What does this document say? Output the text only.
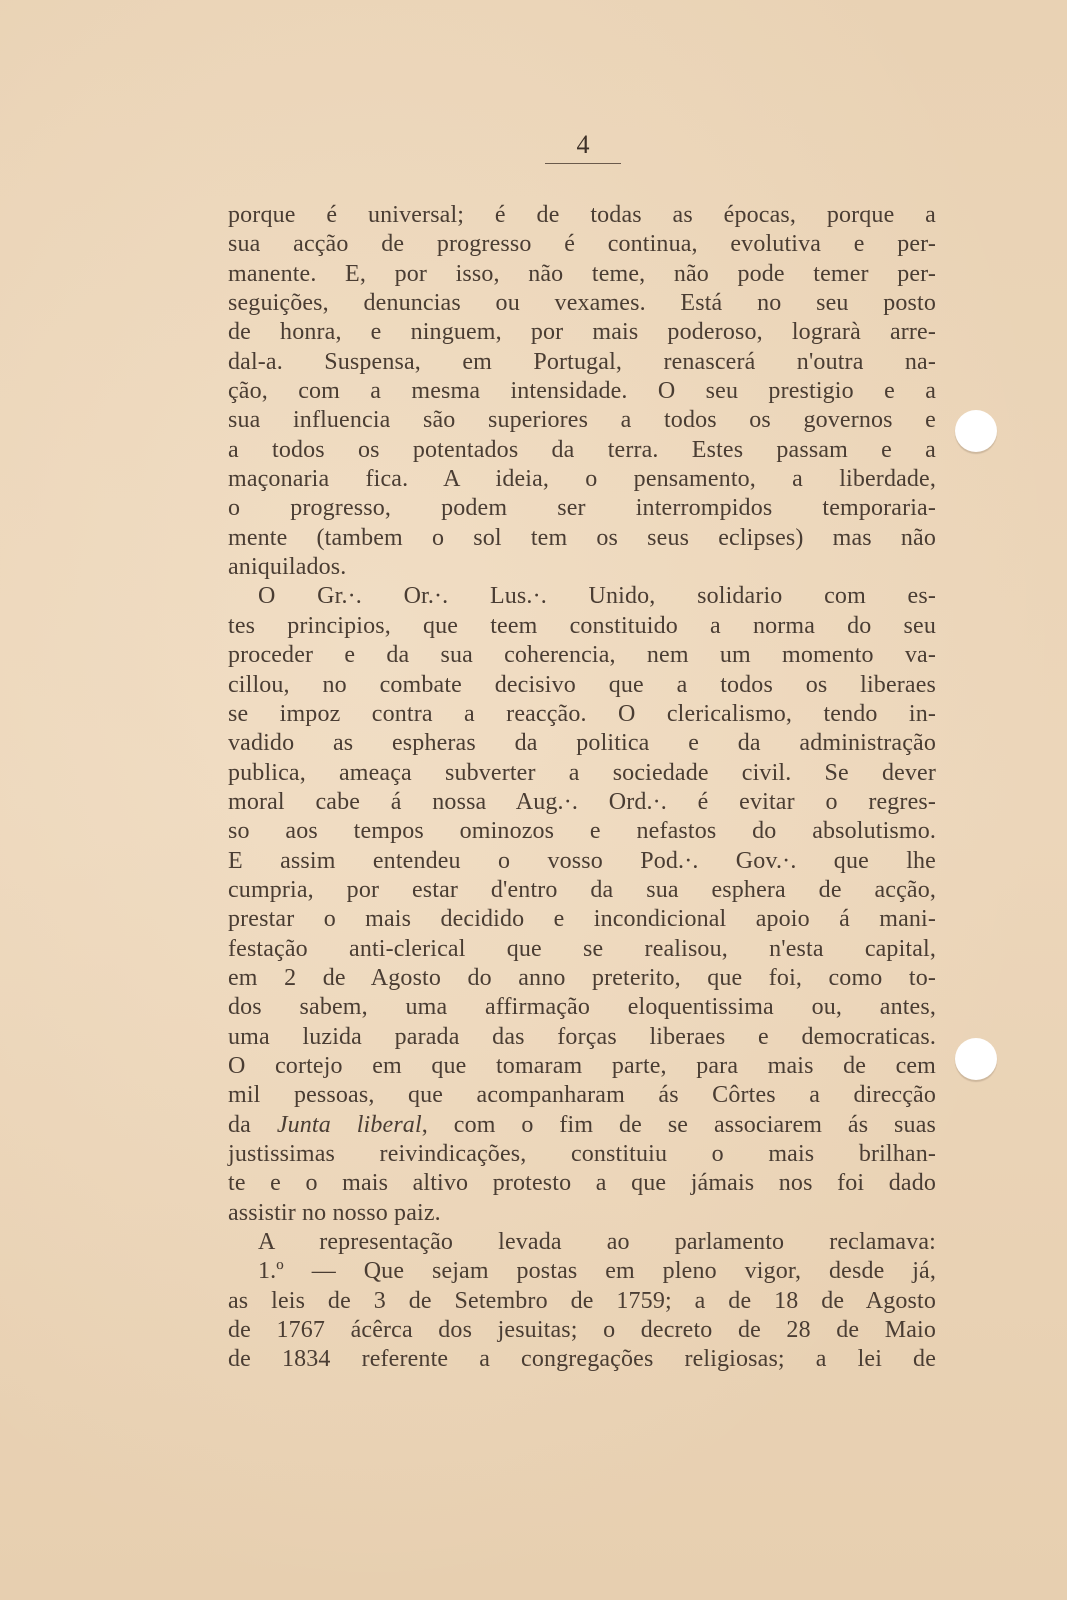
4
porque é universal; é de todas as épocas, porque a
sua acção de progresso é continua, evolutiva e per-
manente. E, por isso, não teme, não pode temer per-
seguições, denuncias ou vexames. Está no seu posto
de honra, e ninguem, por mais poderoso, lograrà arre-
dal-a. Suspensa, em Portugal, renascerá n'outra na-
ção, com a mesma intensidade. O seu prestigio e a
sua influencia são superiores a todos os governos e
a todos os potentados da terra. Estes passam e a
maçonaria fica. A ideia, o pensamento, a liberdade,
o progresso, podem ser interrompidos temporaria-
mente (tambem o sol tem os seus eclipses) mas não
aniquilados.
O Gr.·. Or.·. Lus.·. Unido, solidario com es-
tes principios, que teem constituido a norma do seu
proceder e da sua coherencia, nem um momento va-
cillou, no combate decisivo que a todos os liberaes
se impoz contra a reacção. O clericalismo, tendo in-
vadido as espheras da politica e da administração
publica, ameaça subverter a sociedade civil. Se dever
moral cabe á nossa Aug.·. Ord.·. é evitar o regres-
so aos tempos ominozos e nefastos do absolutismo.
E assim entendeu o vosso Pod.·. Gov.·. que lhe
cumpria, por estar d'entro da sua esphera de acção,
prestar o mais decidido e incondicional apoio á mani-
festação anti-clerical que se realisou, n'esta capital,
em 2 de Agosto do anno preterito, que foi, como to-
dos sabem, uma affirmação eloquentissima ou, antes,
uma luzida parada das forças liberaes e democraticas.
O cortejo em que tomaram parte, para mais de cem
mil pessoas, que acompanharam ás Côrtes a direcção
da Junta liberal, com o fim de se associarem ás suas
justissimas reivindicações, constituiu o mais brilhan-
te e o mais altivo protesto a que jámais nos foi dado
assistir no nosso paiz.
A representação levada ao parlamento reclamava:
1.º — Que sejam postas em pleno vigor, desde já,
as leis de 3 de Setembro de 1759; a de 18 de Agosto
de 1767 ácêrca dos jesuitas; o decreto de 28 de Maio
de 1834 referente a congregações religiosas; a lei de
